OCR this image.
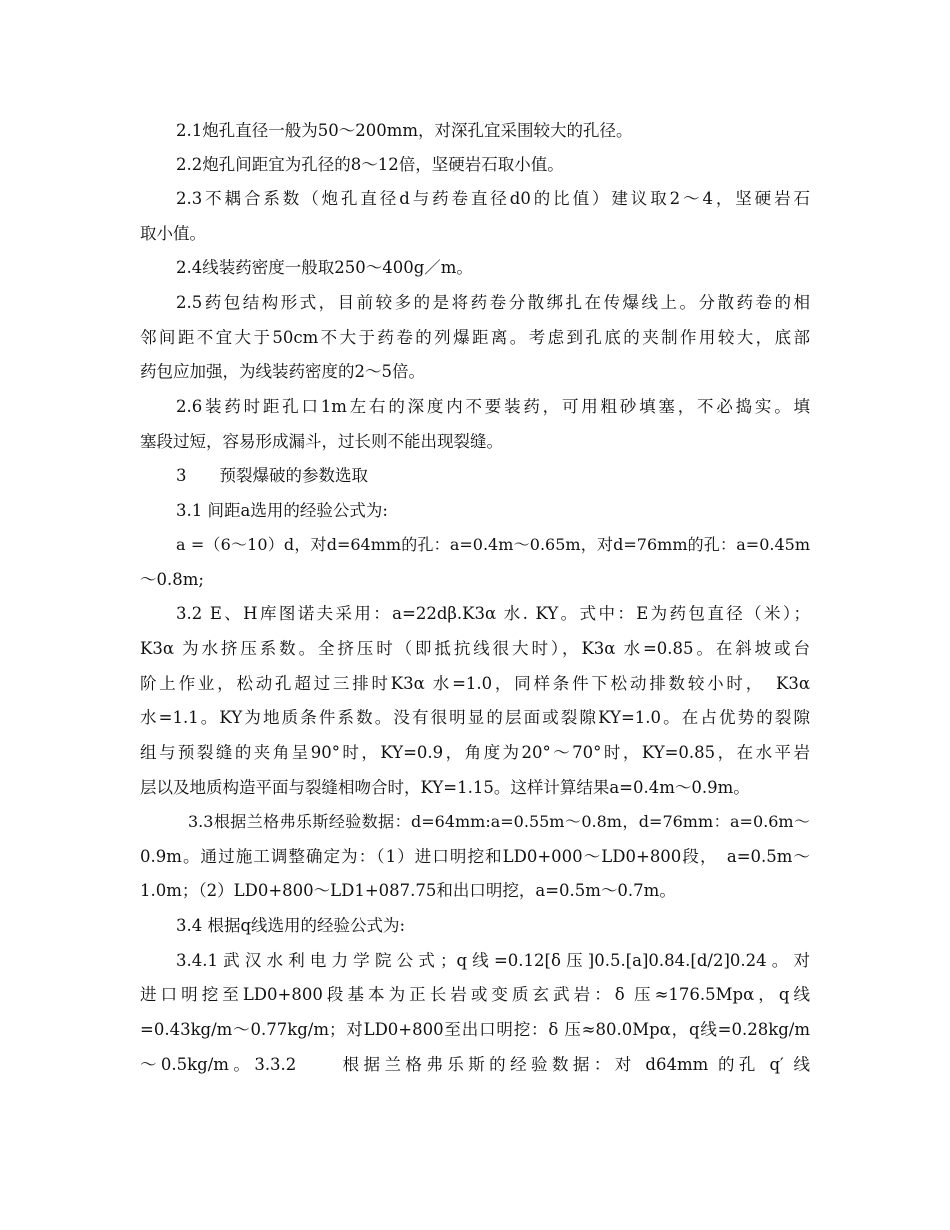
2.1炮孔直径一般为50～200mm，对深孔宜采围较大的孔径。
2.2炮孔间距宜为孔径的8～12倍，坚硬岩石取小值。
2.3不耦合系数（炮孔直径d与药卷直径d0的比值）建议取2～4，坚硬岩石
取小值。
2.4线装药密度一般取250～400g／m。
2.5药包结构形式，目前较多的是将药卷分散绑扎在传爆线上。分散药卷的相
邻间距不宜大于50cm不大于药卷的列爆距离。考虑到孔底的夹制作用较大，底部
药包应加强，为线装药密度的2～5倍。
2.6装药时距孔口1m左右的深度内不要装药，可用粗砂填塞，不必捣实。填
塞段过短，容易形成漏斗，过长则不能出现裂缝。
3　　预裂爆破的参数选取
3.1 间距a选用的经验公式为:
a =（6～10）d，对d=64mm的孔：a=0.4m～0.65m，对d=76mm的孔：a=0.45m
～0.8m;
3.2 E、H库图诺夫采用：a=22dβ.K3α 水. KY。式中：E为药包直径（米）；
K3α 为水挤压系数。全挤压时（即抵抗线很大时），K3α 水=0.85。在斜坡或台
阶上作业，松动孔超过三排时K3α 水=1.0，同样条件下松动排数较小时，　K3α
水=1.1。KY为地质条件系数。没有很明显的层面或裂隙KY=1.0。在占优势的裂隙
组与预裂缝的夹角呈90°时，KY=0.9，角度为20°～70°时，KY=0.85，在水平岩
层以及地质构造平面与裂缝相吻合时，KY=1.15。这样计算结果a=0.4m～0.9m。
3.3根据兰格弗乐斯经验数据：d=64mm:a=0.55m～0.8m，d=76mm：a=0.6m～
0.9m。通过施工调整确定为：（1）进口明挖和LD0+000～LD0+800段，　a=0.5m～
1.0m；（2）LD0+800～LD1+087.75和出口明挖，a=0.5m～0.7m。
3.4 根据q线选用的经验公式为:
3.4.1武汉水利电力学院公式；q线=0.12[δ压]0.5.[a]0.84.[d/2]0.24。对
进口明挖至LD0+800段基本为正长岩或变质玄武岩：δ 压≈176.5Mpα，q线
=0.43kg/m～0.77kg/m；对LD0+800至出口明挖：δ 压≈80.0Mpα，q线=0.28kg/m
～0.5kg/m。3.3.2　　根据兰格弗乐斯的经验数据：对 d64mm 的孔 q′ 线
